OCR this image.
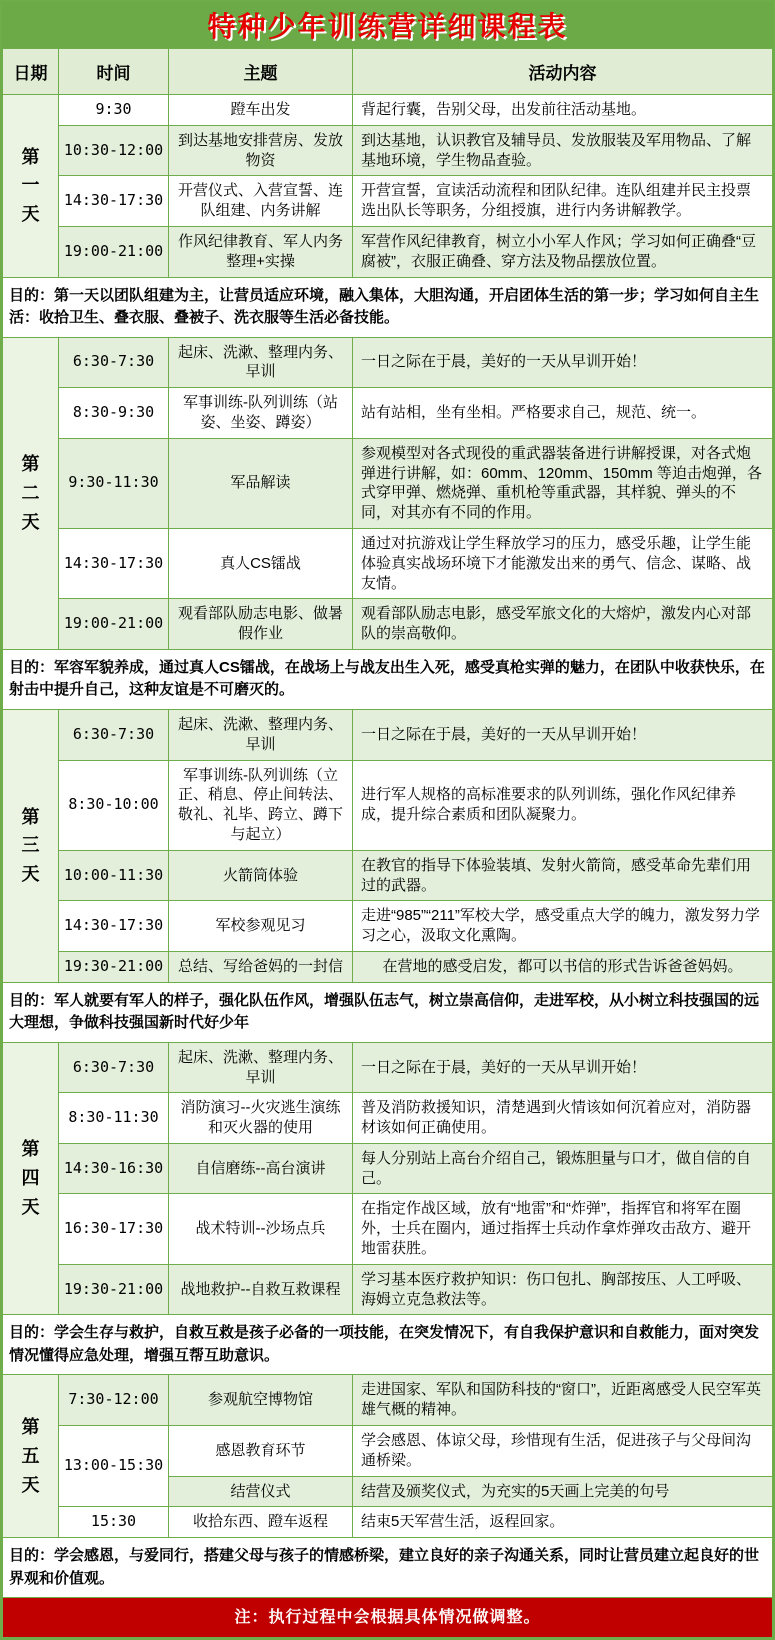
特种少年训练营详细课程表
日期	时间	主题	活动内容

第
一
天	9:30	蹬车出发	背起行囊，告别父母，出发前往活动基地。
	10:30-12:00	到达基地安排营房、发放物资	到达基地，认识教官及辅导员、发放服装及军用物品、了解基地环境，学生物品查验。
	14:30-17:30	开营仪式、入营宣誓、连队组建、内务讲解	开营宣誓，宣读活动流程和团队纪律。连队组建并民主投票选出队长等职务，分组授旗，进行内务讲解教学。
	19:00-21:00	作风纪律教育、军人内务整理+实操	军营作风纪律教育，树立小小军人作风；学习如何正确叠“豆腐被”，衣服正确叠、穿方法及物品摆放位置。
目的：第一天以团队组建为主，让营员适应环境，融入集体，大胆沟通，开启团体生活的第一步；学习如何自主生活：收拾卫生、叠衣服、叠被子、洗衣服等生活必备技能。			

第
二
天	6:30-7:30	起床、洗漱、整理内务、早训	一日之际在于晨，美好的一天从早训开始！
	8:30-9:30	军事训练-队列训练（站姿、坐姿、蹲姿）	站有站相，坐有坐相。严格要求自己，规范、统一。
	9:30-11:30	军品解读	参观模型对各式现役的重武器装备进行讲解授课，对各式炮弹进行讲解，如：60mm、120mm、150mm 等迫击炮弹，各式穿甲弹、燃烧弹、重机枪等重武器，其样貌、弹头的不同，对其亦有不同的作用。
	14:30-17:30	真人CS镭战	通过对抗游戏让学生释放学习的压力，感受乐趣，让学生能体验真实战场环境下才能激发出来的勇气、信念、谋略、战友情。
	19:00-21:00	观看部队励志电影、做暑假作业	观看部队励志电影，感受军旅文化的大熔炉，激发内心对部队的崇高敬仰。
目的：军容军貌养成，通过真人CS镭战，在战场上与战友出生入死，感受真枪实弹的魅力，在团队中收获快乐，在射击中提升自己，这种友谊是不可磨灭的。			

第
三
天	6:30-7:30	起床、洗漱、整理内务、早训	一日之际在于晨，美好的一天从早训开始！
	8:30-10:00	军事训练-队列训练（立正、稍息、停止间转法、敬礼、礼毕、跨立、蹲下与起立）	进行军人规格的高标准要求的队列训练，强化作风纪律养成，提升综合素质和团队凝聚力。
	10:00-11:30	火箭筒体验	在教官的指导下体验装填、发射火箭筒，感受革命先辈们用过的武器。
	14:30-17:30	军校参观见习	走进“985”“211”军校大学，感受重点大学的魄力，激发努力学习之心，汲取文化熏陶。
	19:30-21:00	总结、写给爸妈的一封信	在营地的感受启发，都可以书信的形式告诉爸爸妈妈。
目的：军人就要有军人的样子，强化队伍作风，增强队伍志气，树立崇高信仰，走进军校，从小树立科技强国的远大理想，争做科技强国新时代好少年			

第
四
天	6:30-7:30	起床、洗漱、整理内务、早训	一日之际在于晨，美好的一天从早训开始！
	8:30-11:30	消防演习--火灾逃生演练和灭火器的使用	普及消防救援知识，清楚遇到火情该如何沉着应对，消防器材该如何正确使用。
	14:30-16:30	自信磨练--高台演讲	每人分别站上高台介绍自己，锻炼胆量与口才，做自信的自己。
	16:30-17:30	战术特训--沙场点兵	在指定作战区域，放有“地雷”和“炸弹”，指挥官和将军在圈外，士兵在圈内，通过指挥士兵动作拿炸弹攻击敌方、避开地雷获胜。
	19:30-21:00	战地救护--自救互救课程	学习基本医疗救护知识：伤口包扎、胸部按压、人工呼吸、海姆立克急救法等。
目的：学会生存与救护，自救互救是孩子必备的一项技能，在突发情况下，有自我保护意识和自救能力，面对突发情况懂得应急处理，增强互帮互助意识。			

第
五
天	7:30-12:00	参观航空博物馆	走进国家、军队和国防科技的“窗口”，近距离感受人民空军英雄气概的精神。
	13:00-15:30	感恩教育环节	学会感恩、体谅父母，珍惜现有生活，促进孩子与父母间沟通桥梁。
		结营仪式	结营及颁奖仪式，为充实的5天画上完美的句号
	15:30	收拾东西、蹬车返程	结束5天军营生活，返程回家。
目的：学会感恩，与爱同行，搭建父母与孩子的情感桥梁，建立良好的亲子沟通关系，同时让营员建立起良好的世界观和价值观。			
注：执行过程中会根据具体情况做调整。			
